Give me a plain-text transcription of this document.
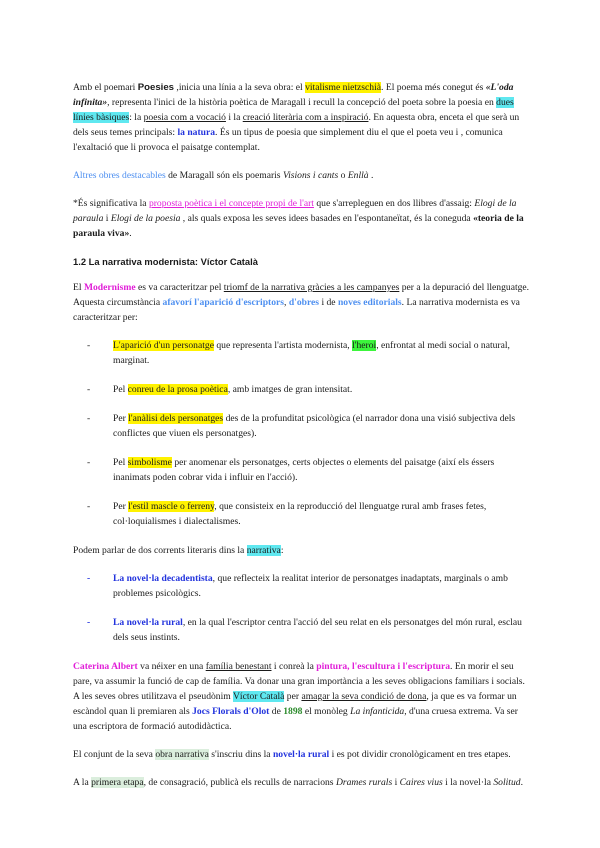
Amb el poemari Poesies ,inicia una línia a la seva obra: el vitalisme nietzschià. El poema més conegut és «L'oda infinita», representa l'inici de la història poètica de Maragall i recull la concepció del poeta sobre la poesia en dues línies bàsiques: la poesia com a vocació i la creació literària com a inspiració. En aquesta obra, enceta el que serà un dels seus temes principals: la natura. És un tipus de poesia que simplement diu el que el poeta veu i , comunica l'exaltació que li provoca el paisatge contemplat.

Altres obres destacables de Maragall són els poemaris Visions i cants o Enllà .

*És significativa la proposta poètica i el concepte propi de l'art que s'arrepleguen en dos llibres d'assaig: Elogi de la paraula i Elogi de la poesia , als quals exposa les seves idees basades en l'espontaneïtat, és la coneguda «teoria de la paraula viva».

1.2 La narrativa modernista: Víctor Català

El Modernisme es va caracteritzar pel triomf de la narrativa gràcies a les campanyes per a la depuració del llenguatge. Aquesta circumstància afavorí l'aparició d'escriptors, d'obres i de noves editorials. La narrativa modernista es va caracteritzar per:

- L'aparició d'un personatge que representa l'artista modernista, l'heroi, enfrontat al medi social o natural, marginat.
- Pel conreu de la prosa poètica, amb imatges de gran intensitat.
- Per l'anàlisi dels personatges des de la profunditat psicològica (el narrador dona una visió subjectiva dels conflictes que viuen els personatges).
- Pel simbolisme per anomenar els personatges, certs objectes o elements del paisatge (així els éssers inanimats poden cobrar vida i influir en l'acció).
- Per l'estil mascle o ferreny, que consisteix en la reproducció del llenguatge rural amb frases fetes, col·loquialismes i dialectalismes.

Podem parlar de dos corrents literaris dins la narrativa:

- La novel·la decadentista, que reflecteix la realitat interior de personatges inadaptats, marginals o amb problemes psicològics.
- La novel·la rural, en la qual l'escriptor centra l'acció del seu relat en els personatges del món rural, esclau dels seus instints.

Caterina Albert va néixer en una família benestant i conreà la pintura, l'escultura i l'escriptura. En morir el seu pare, va assumir la funció de cap de família. Va donar una gran importància a les seves obligacions familiars i socials. A les seves obres utilitzava el pseudònim Víctor Català per amagar la seva condició de dona, ja que es va formar un escàndol quan li premiaren als Jocs Florals d'Olot de 1898 el monòleg La infanticida, d'una cruesa extrema. Va ser una escriptora de formació autodidàctica.

El conjunt de la seva obra narrativa s'inscriu dins la novel·la rural i es pot dividir cronològicament en tres etapes.

A la primera etapa, de consagració, publicà els reculls de narracions Drames rurals i Caires vius i la novel·la Solitud.
